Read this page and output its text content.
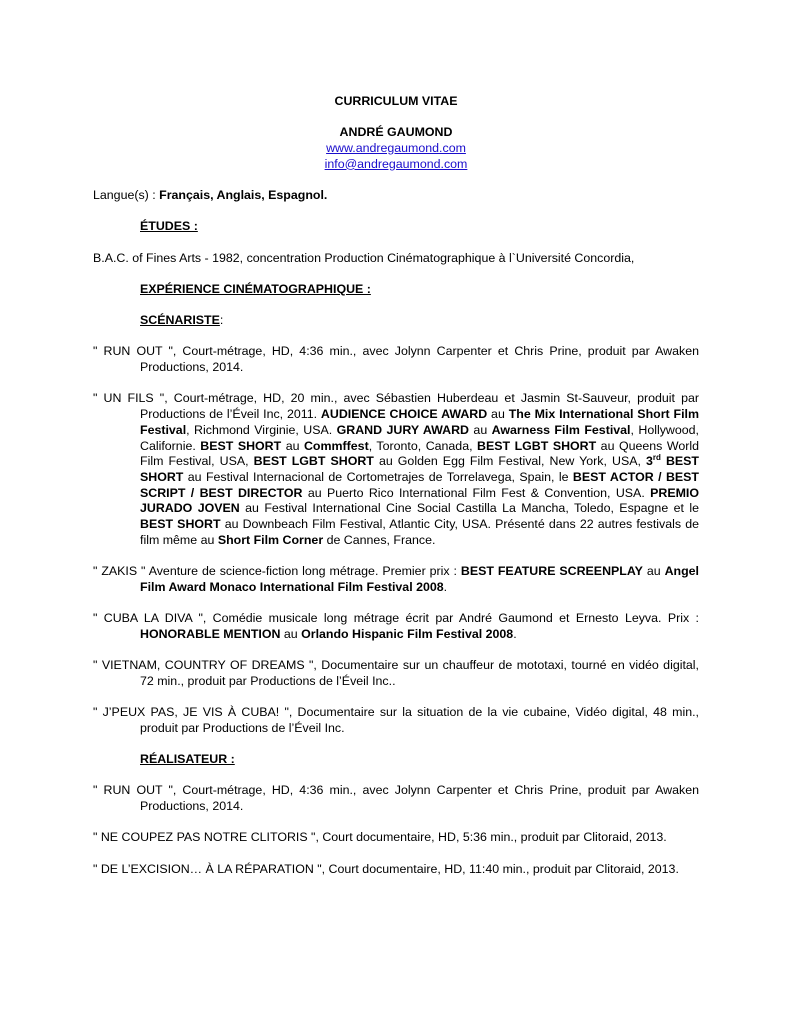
CURRICULUM VITAE
ANDRÉ GAUMOND
www.andregaumond.com
info@andregaumond.com
Langue(s) : Français, Anglais, Espagnol.
ÉTUDES :
B.A.C. of Fines Arts - 1982, concentration Production Cinématographique à l`Université Concordia,
EXPÉRIENCE CINÉMATOGRAPHIQUE :
SCÉNARISTE:
" RUN OUT ", Court-métrage, HD, 4:36 min., avec Jolynn Carpenter et Chris Prine, produit par Awaken Productions, 2014.
" UN FILS ", Court-métrage, HD, 20 min., avec Sébastien Huberdeau et Jasmin St-Sauveur, produit par Productions de l’Éveil Inc, 2011. AUDIENCE CHOICE AWARD au The Mix International Short Film Festival, Richmond Virginie, USA. GRAND JURY AWARD au Awarness Film Festival, Hollywood, Californie. BEST SHORT au Commffest, Toronto, Canada, BEST LGBT SHORT au Queens World Film Festival, USA, BEST LGBT SHORT au Golden Egg Film Festival, New York, USA, 3rd BEST SHORT au Festival Internacional de Cortometrajes de Torrelavega, Spain, le BEST ACTOR / BEST SCRIPT / BEST DIRECTOR au Puerto Rico International Film Fest & Convention, USA. PREMIO JURADO JOVEN au Festival International Cine Social Castilla La Mancha, Toledo, Espagne et le BEST SHORT au Downbeach Film Festival, Atlantic City, USA. Présenté dans 22 autres festivals de film même au Short Film Corner de Cannes, France.
" ZAKIS " Aventure de science-fiction long métrage. Premier prix : BEST FEATURE SCREENPLAY au Angel Film Award Monaco International Film Festival 2008.
" CUBA LA DIVA ", Comédie musicale long métrage écrit par André Gaumond et Ernesto Leyva. Prix : HONORABLE MENTION au Orlando Hispanic Film Festival 2008.
" VIETNAM, COUNTRY OF DREAMS ", Documentaire sur un chauffeur de mototaxi, tourné en vidéo digital, 72 min., produit par Productions de l’Éveil Inc..
" J’PEUX PAS, JE VIS À CUBA! ", Documentaire sur la situation de la vie cubaine, Vidéo digital, 48 min., produit par Productions de l’Éveil Inc.
RÉALISATEUR :
" RUN OUT ", Court-métrage, HD, 4:36 min., avec Jolynn Carpenter et Chris Prine, produit par Awaken Productions, 2014.
" NE COUPEZ PAS NOTRE CLITORIS ", Court documentaire, HD, 5:36 min., produit par Clitoraid, 2013.
" DE L’EXCISION… À LA RÉPARATION ", Court documentaire, HD, 11:40 min., produit par Clitoraid, 2013.
